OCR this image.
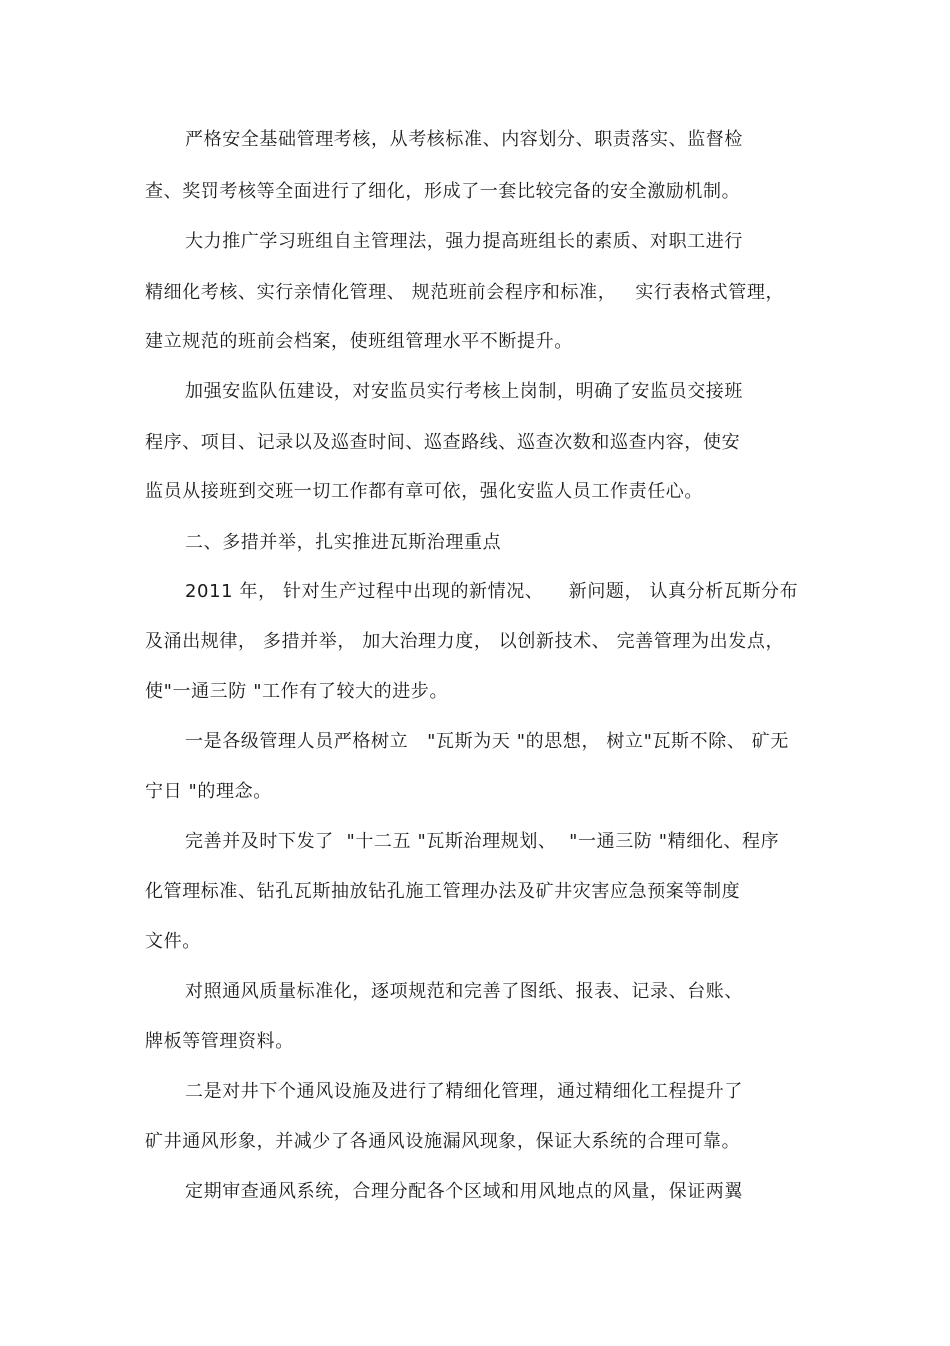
严格安全基础管理考核，从考核标准、内容划分、职责落实、监督检
查、奖罚考核等全面进行了细化，形成了一套比较完备的安全激励机制。
大力推广学习班组自主管理法，强力提高班组长的素质、对职工进行
精细化考核、实行亲情化管理、 规范班前会程序和标准，   实行表格式管理，
建立规范的班前会档案，使班组管理水平不断提升。
加强安监队伍建设，对安监员实行考核上岗制，明确了安监员交接班
程序、项目、记录以及巡查时间、巡查路线、巡查次数和巡查内容，使安
监员从接班到交班一切工作都有章可依，强化安监人员工作责任心。
二、多措并举，扎实推进瓦斯治理重点
2011 年， 针对生产过程中出现的新情况、    新问题， 认真分析瓦斯分布
及涌出规律， 多措并举， 加大治理力度， 以创新技术、 完善管理为出发点，
使"一通三防 "工作有了较大的进步。
一是各级管理人员严格树立   "瓦斯为天 "的思想， 树立"瓦斯不除、 矿无
宁日 "的理念。
完善并及时下发了  "十二五 "瓦斯治理规划、  "一通三防 "精细化、程序
化管理标准、钻孔瓦斯抽放钻孔施工管理办法及矿井灾害应急预案等制度
文件。
对照通风质量标准化，逐项规范和完善了图纸、报表、记录、台账、
牌板等管理资料。
二是对井下个通风设施及进行了精细化管理，通过精细化工程提升了
矿井通风形象，并减少了各通风设施漏风现象，保证大系统的合理可靠。
定期审查通风系统，合理分配各个区域和用风地点的风量，保证两翼
